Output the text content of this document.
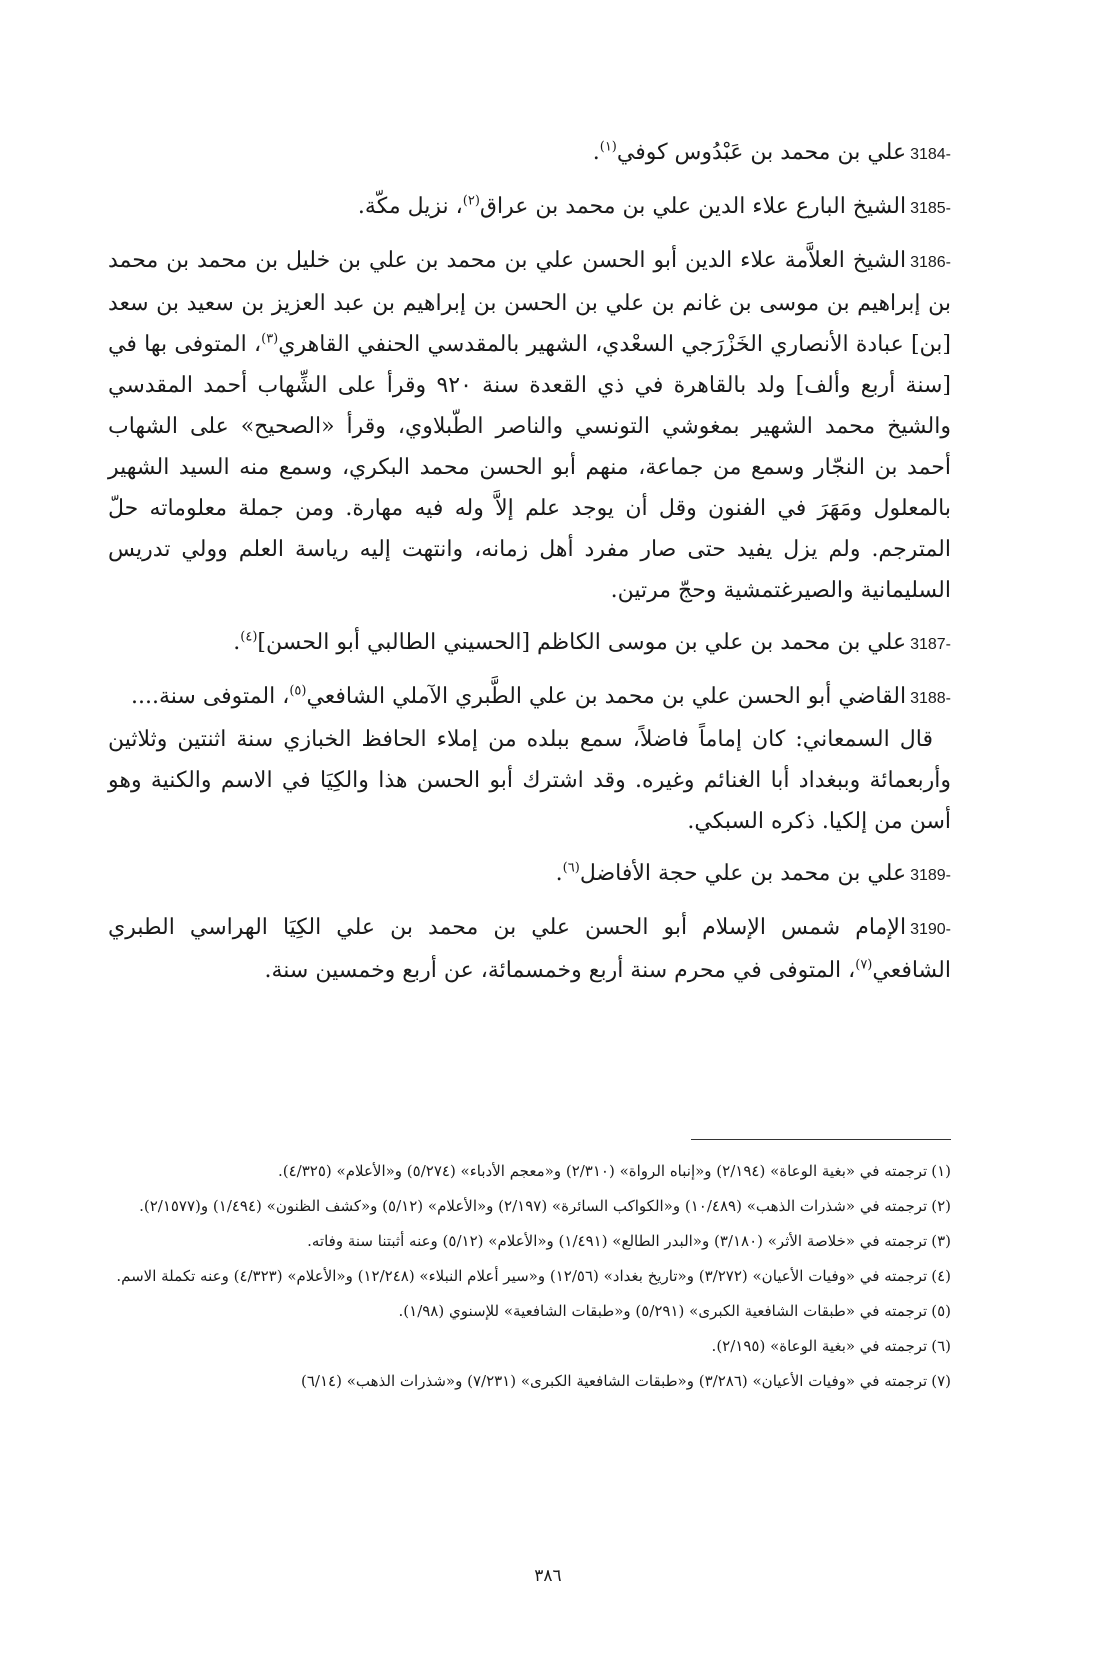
3184-علي بن محمد بن عَبْدُوس كوفي$^{(١)}$.

3185-الشيخ البارع علاء الدين علي بن محمد بن عراق$^{(٢)}$، نزيل مكّة.

3186-الشيخ العلاَّمة علاء الدين أبو الحسن علي بن محمد بن علي بن خليل بن محمد بن محمد بن إبراهيم بن موسى بن غانم بن علي بن الحسن بن إبراهيم بن عبد العزيز بن سعيد بن سعد [بن] عبادة الأنصاري الخَزْرَجي السعْدي، الشهير بالمقدسي الحنفي القاهري$^{(٣)}$، المتوفى بها في [سنة أربع وألف] ولد بالقاهرة في ذي القعدة سنة ٩٢٠ وقرأ على الشِّهاب أحمد المقدسي والشيخ محمد الشهير بمغوشي التونسي والناصر الطّبلاوي، وقرأ «الصحيح» على الشهاب أحمد بن النجّار وسمع من جماعة، منهم أبو الحسن محمد البكري، وسمع منه السيد الشهير بالمعلول ومَهَرَ في الفنون وقل أن يوجد علم إلاَّ وله فيه مهارة. ومن جملة معلوماته حلّ المترجم. ولم يزل يفيد حتى صار مفرد أهل زمانه، وانتهت إليه رياسة العلم وولي تدريس السليمانية والصيرغتمشية وحجّ مرتين.

3187-علي بن محمد بن علي بن موسى الكاظم [الحسيني الطالبي أبو الحسن]$^{(٤)}$.

3188-القاضي أبو الحسن علي بن محمد بن علي الطَّبري الآملي الشافعي$^{(٥)}$، المتوفى سنة....
قال السمعاني: كان إماماً فاضلاً، سمع ببلده من إملاء الحافظ الخبازي سنة اثنتين وثلاثين وأربعمائة وببغداد أبا الغنائم وغيره. وقد اشترك أبو الحسن هذا والكِيَا في الاسم والكنية وهو أسن من إلكيا. ذكره السبكي.

3189-علي بن محمد بن علي حجة الأفاضل$^{(٦)}$.

3190-الإمام شمس الإسلام أبو الحسن علي بن محمد بن علي الكِيَا الهراسي الطبري الشافعي$^{(٧)}$، المتوفى في محرم سنة أربع وخمسمائة، عن أربع وخمسين سنة.

(١)ترجمته في «بغية الوعاة» (٢/١٩٤) و«إنباه الرواة» (٢/٣١٠) و«معجم الأدباء» (٥/٢٧٤) و«الأعلام» (٤/٣٢٥).

(٢)ترجمته في «شذرات الذهب» (١٠/٤٨٩) و«الكواكب السائرة» (٢/١٩٧) و«الأعلام» (٥/١٢) و«كشف الظنون» (١/٤٩٤) و(٢/١٥٧٧).

(٣)ترجمته في «خلاصة الأثر» (٣/١٨٠) و«البدر الطالع» (١/٤٩١) و«الأعلام» (٥/١٢) وعنه أثبتنا سنة وفاته.

(٤)ترجمته في «وفيات الأعيان» (٣/٢٧٢) و«تاريخ بغداد» (١٢/٥٦) و«سير أعلام النبلاء» (١٢/٢٤٨) و«الأعلام» (٤/٣٢٣) وعنه تكملة الاسم.

(٥)ترجمته في «طبقات الشافعية الكبرى» (٥/٢٩١) و«طبقات الشافعية» للإسنوي (١/٩٨).

(٦)ترجمته في «بغية الوعاة» (٢/١٩٥).

(٧)ترجمته في «وفيات الأعيان» (٣/٢٨٦) و«طبقات الشافعية الكبرى» (٧/٢٣١) و«شذرات الذهب» (٦/١٤)

٣٨٦
